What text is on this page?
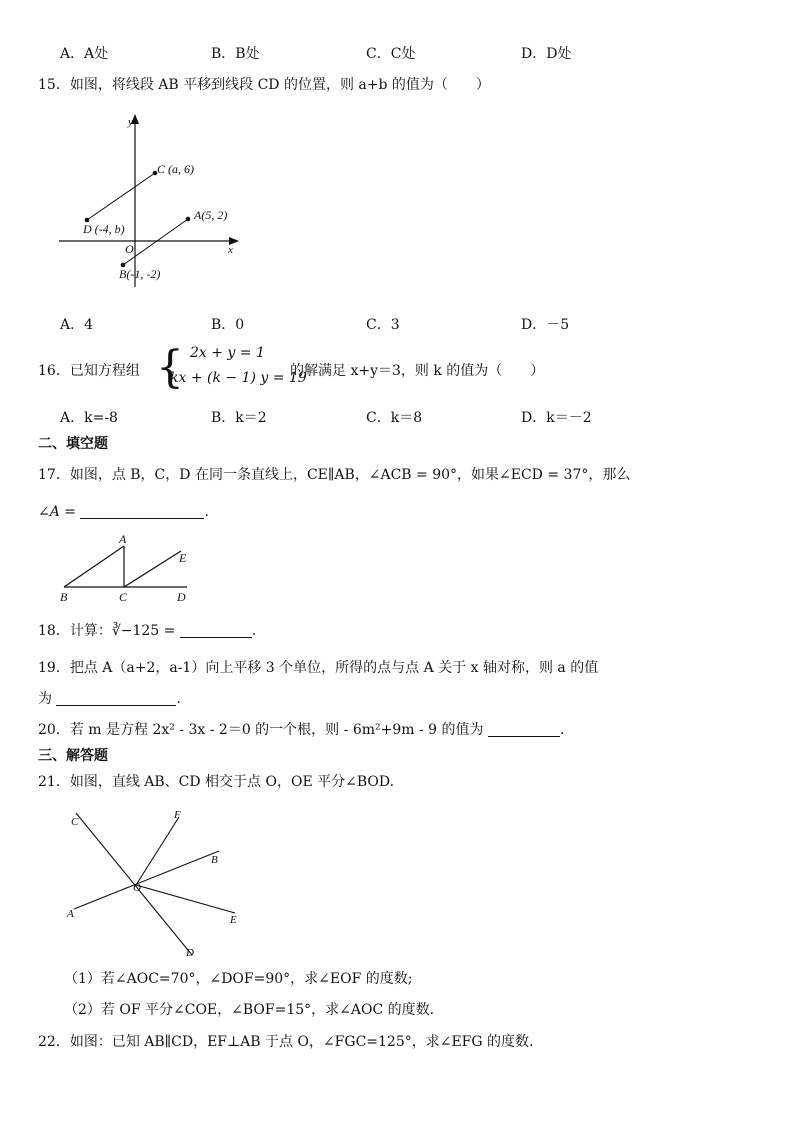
A．A处	B．B处	C．C处	D．D处
15．如图，将线段 AB 平移到线段 CD 的位置，则 a+b 的值为（　　）
y
x
O
C (a, 6)
D (-4, b)
A(5, 2)
B(-1, -2)
A．4	B．0	C．3	D．－5
16．已知方程组 { 2x + y = 1
kx + (k − 1) y = 19
的解满足 x+y＝3，则 k 的值为（　　）
A．k=-8	B．k＝2	C．k＝8	D．k＝－2
二、填空题
17．如图，点 B，C，D 在同一条直线上，CE∥AB，∠ACB = 90°，如果∠ECD = 37°，那么
∠A =	.
A
B	C	D
E
18．计算：∛−125 =	.
19．把点 A（a+2，a-1）向上平移 3 个单位，所得的点与点 A 关于 x 轴对称，则 a 的值
为	.
20．若 m 是方程 2x² - 3x - 2＝0 的一个根，则 - 6m²+9m - 9 的值为	.
三、解答题
21．如图，直线 AB、CD 相交于点 O，OE 平分∠BOD.
C
F
B
O
A	E
D
（1）若∠AOC=70°，∠DOF=90°，求∠EOF 的度数;
（2）若 OF 平分∠COE，∠BOF=15°，求∠AOC 的度数.
22．如图：已知 AB∥CD，EF⊥AB 于点 O，∠FGC=125°，求∠EFG 的度数.
